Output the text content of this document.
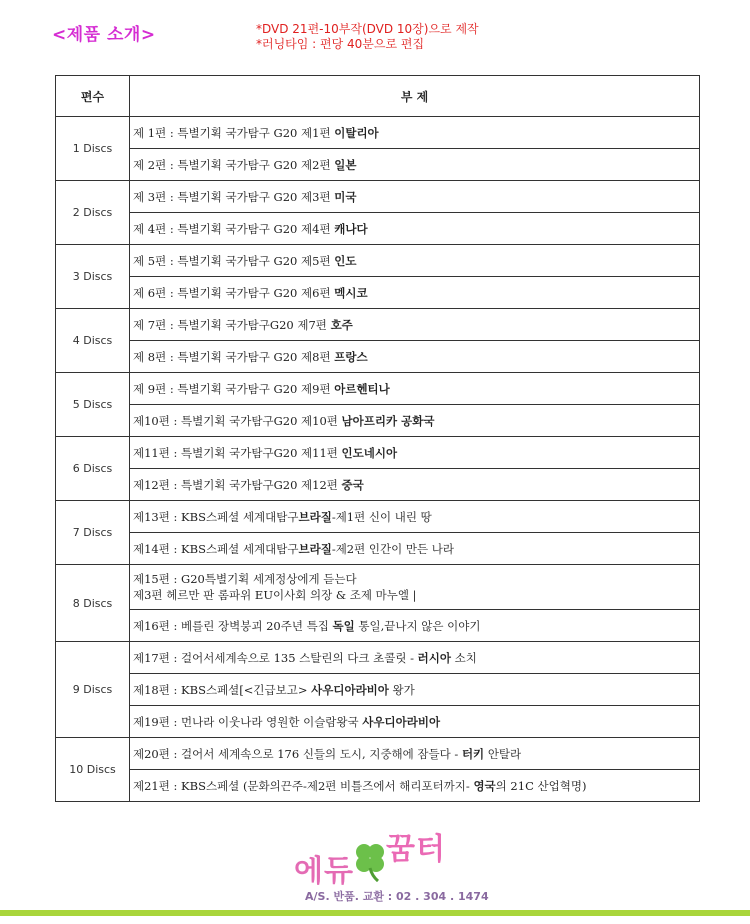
<제품 소개>	*DVD 21편-10부작(DVD 10장)으로 제작
*러닝타임 : 편당 40분으로 편집
편수	부 제
1 Discs	제 1편 : 특별기획 국가탐구 G20 제1편 이탈리아
	제 2편 : 특별기획 국가탐구 G20 제2편 일본
2 Discs	제 3편 : 특별기획 국가탐구 G20 제3편 미국
	제 4편 : 특별기획 국가탐구 G20 제4편 캐나다
3 Discs	제 5편 : 특별기획 국가탐구 G20 제5편 인도
	제 6편 : 특별기획 국가탐구 G20 제6편 멕시코
4 Discs	제 7편 : 특별기획 국가탐구G20 제7편 호주
	제 8편 : 특별기획 국가탐구 G20 제8편 프랑스
5 Discs	제 9편 : 특별기획 국가탐구 G20 제9편 아르헨티나
	제10편 : 특별기획 국가탐구G20 제10편 남아프리카 공화국
6 Discs	제11편 : 특별기획 국가탐구G20 제11편 인도네시아
	제12편 : 특별기획 국가탐구G20 제12편 중국
7 Discs	제13편 : KBS스페셜 세계대탐구브라질-제1편 신이 내린 땅
	제14편 : KBS스페셜 세계대탐구브라질-제2편 인간이 만든 나라
8 Discs	제15편 : G20특별기획 세계정상에게 듣는다
제3편 헤르만 판 롬파위 EU이사회 의장 & 조제 마누엘 |
	제16편 : 베를린 장벽붕괴 20주년 특집 독일 통일,끝나지 않은 이야기
9 Discs	제17편 : 걸어서세계속으로 135 스탈린의 다크 초콜릿 - 러시아 소치
	제18편 : KBS스페셜[<긴급보고> 사우디아라비아 왕가
	제19편 : 먼나라 이웃나라 영원한 이슬람왕국 사우디아라비아
10 Discs	제20편 : 걸어서 세계속으로 176 신들의 도시, 지중해에 잠들다 - 터키 안탈라
	제21편 : KBS스페셜 (문화의끈주-제2편 비틀즈에서 해리포터까지- 영국의 21C 산업혁명)
에듀
꿈터
A/S. 반품. 교환 : 02 . 304 . 1474
